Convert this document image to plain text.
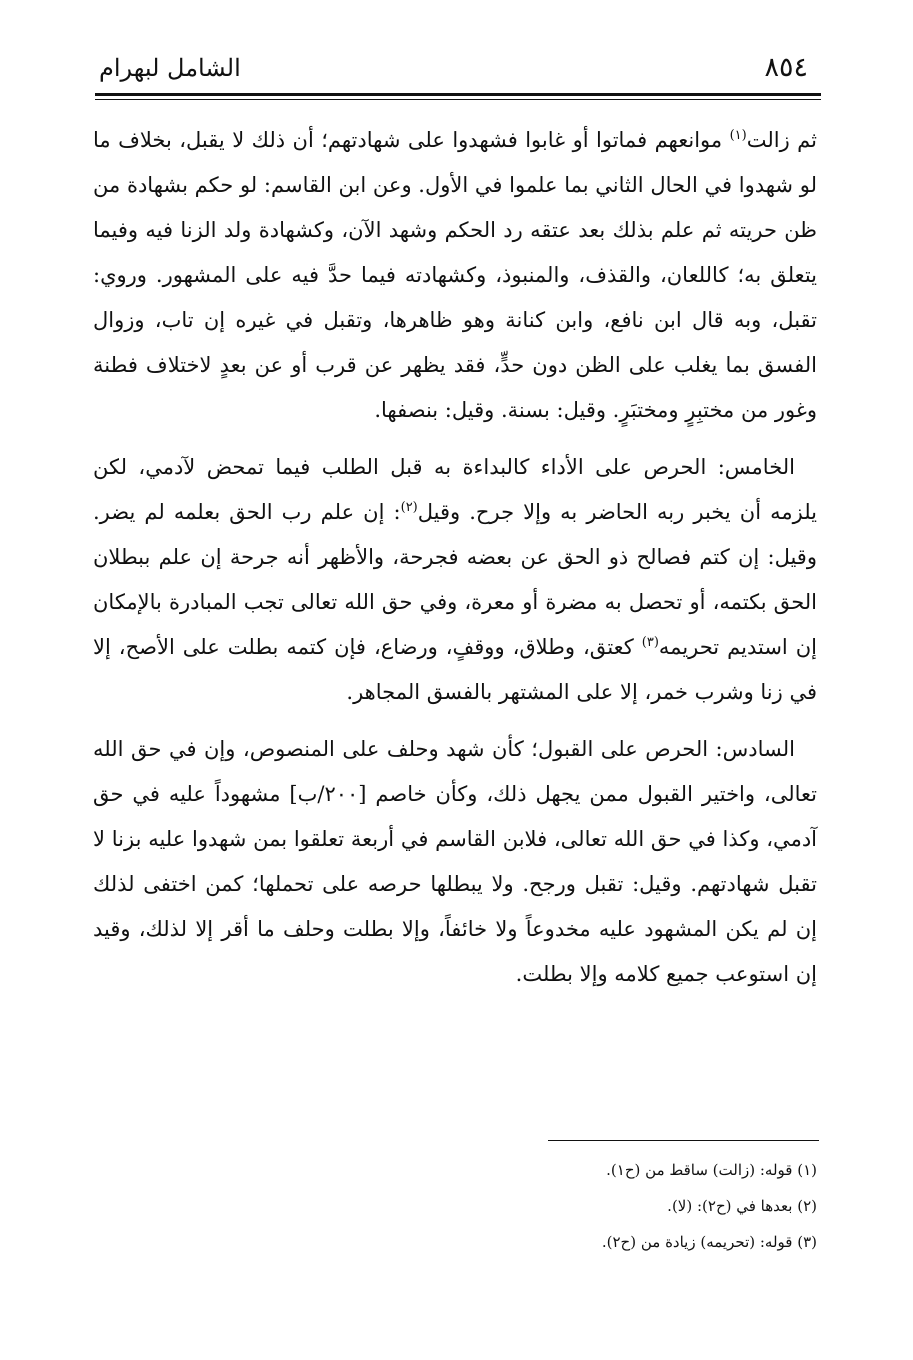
٨٥٤
الشامل لبهرام

ثم زالت$^{(١)}$ موانعهم فماتوا أو غابوا فشهدوا على شهادتهم؛ أن ذلك لا يقبل، بخلاف ما لو شهدوا في الحال الثاني بما علموا في الأول. وعن ابن القاسم: لو حكم بشهادة من ظن حريته ثم علم بذلك بعد عتقه رد الحكم وشهد الآن، وكشهادة ولد الزنا فيه وفيما يتعلق به؛ كاللعان، والقذف، والمنبوذ، وكشهادته فيما حدَّ فيه على المشهور. وروي: تقبل، وبه قال ابن نافع، وابن كنانة وهو ظاهرها، وتقبل في غيره إن تاب، وزوال الفسق بما يغلب على الظن دون حدٍّ، فقد يظهر عن قرب أو عن بعدٍ لاختلاف فطنة وغور من مختبِرٍ ومختبَرٍ. وقيل: بسنة. وقيل: بنصفها.

الخامس: الحرص على الأداء كالبداءة به قبل الطلب فيما تمحض لآدمي، لكن يلزمه أن يخبر ربه الحاضر به وإلا جرح. وقيل$^{(٢)}$: إن علم رب الحق بعلمه لم يضر. وقيل: إن كتم فصالح ذو الحق عن بعضه فجرحة، والأظهر أنه جرحة إن علم ببطلان الحق بكتمه، أو تحصل به مضرة أو معرة، وفي حق الله تعالى تجب المبادرة بالإمكان إن استديم تحريمه$^{(٣)}$ كعتق، وطلاق، ووقفٍ، ورضاع، فإن كتمه بطلت على الأصح، إلا في زنا وشرب خمر، إلا على المشتهر بالفسق المجاهر.

السادس: الحرص على القبول؛ كأن شهد وحلف على المنصوص، وإن في حق الله تعالى، واختير القبول ممن يجهل ذلك، وكأن خاصم [٢٠٠/ب] مشهوداً عليه في حق آدمي، وكذا في حق الله تعالى، فلابن القاسم في أربعة تعلقوا بمن شهدوا عليه بزنا لا تقبل شهادتهم. وقيل: تقبل ورجح. ولا يبطلها حرصه على تحملها؛ كمن اختفى لذلك إن لم يكن المشهود عليه مخدوعاً ولا خائفاً، وإلا بطلت وحلف ما أقر إلا لذلك، وقيد إن استوعب جميع كلامه وإلا بطلت.

(١) قوله: (زالت) ساقط من (ح١).

(٢) بعدها في (ح٢): (لا).

(٣) قوله: (تحريمه) زيادة من (ح٢).
